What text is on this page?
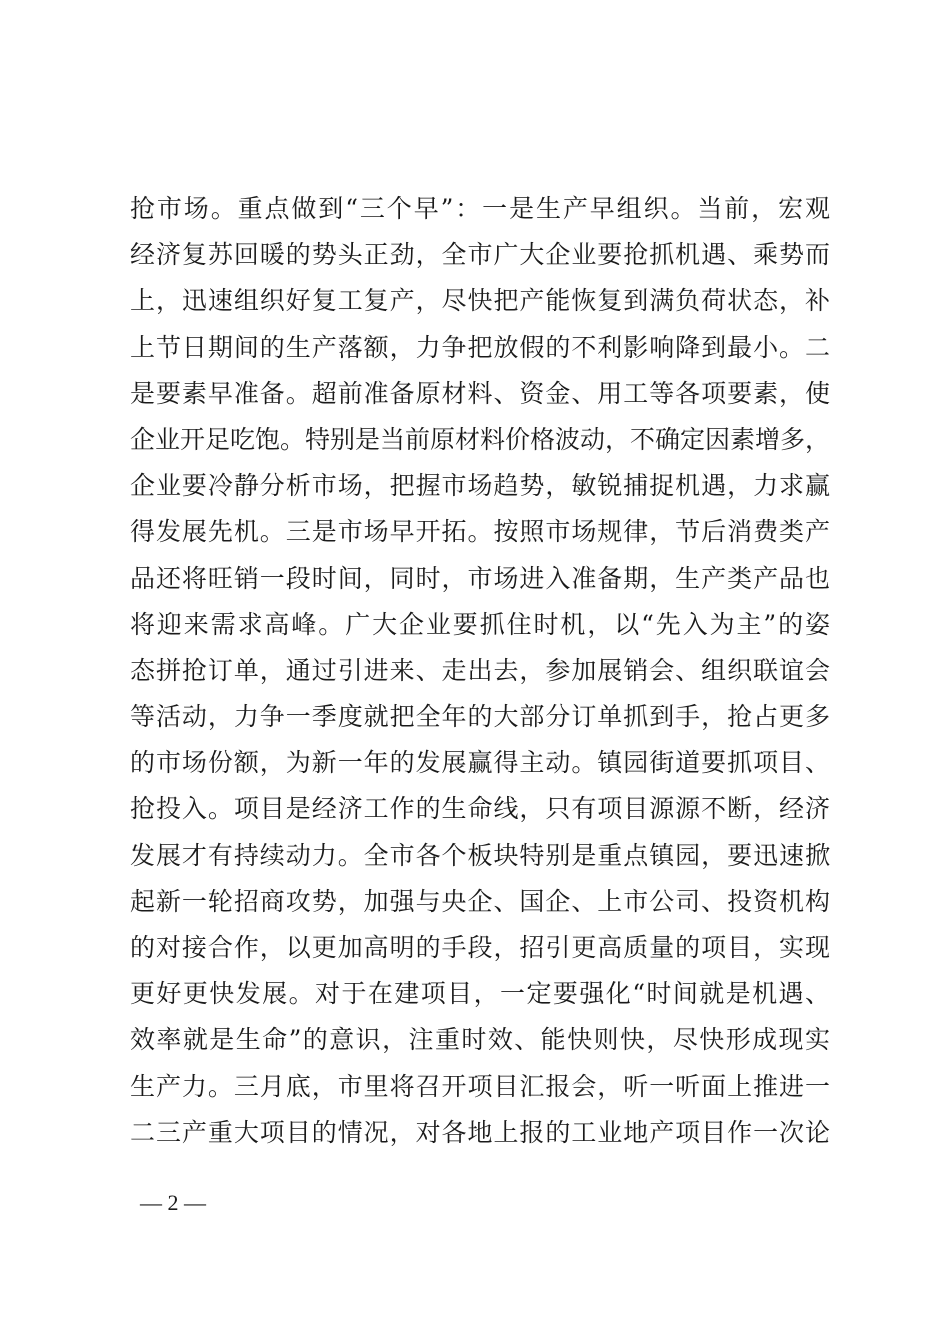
抢市场。重点做到“三个早”：一是生产早组织。当前，宏观
经济复苏回暖的势头正劲，全市广大企业要抢抓机遇、乘势而
上，迅速组织好复工复产，尽快把产能恢复到满负荷状态，补
上节日期间的生产落额，力争把放假的不利影响降到最小。二
是要素早准备。超前准备原材料、资金、用工等各项要素，使
企业开足吃饱。特别是当前原材料价格波动，不确定因素增多，
企业要冷静分析市场，把握市场趋势，敏锐捕捉机遇，力求赢
得发展先机。三是市场早开拓。按照市场规律，节后消费类产
品还将旺销一段时间，同时，市场进入准备期，生产类产品也
将迎来需求高峰。广大企业要抓住时机，以“先入为主”的姿
态拼抢订单，通过引进来、走出去，参加展销会、组织联谊会
等活动，力争一季度就把全年的大部分订单抓到手，抢占更多
的市场份额，为新一年的发展赢得主动。镇园街道要抓项目、
抢投入。项目是经济工作的生命线，只有项目源源不断，经济
发展才有持续动力。全市各个板块特别是重点镇园，要迅速掀
起新一轮招商攻势，加强与央企、国企、上市公司、投资机构
的对接合作，以更加高明的手段，招引更高质量的项目，实现
更好更快发展。对于在建项目，一定要强化“时间就是机遇、
效率就是生命”的意识，注重时效、能快则快，尽快形成现实
生产力。三月底，市里将召开项目汇报会，听一听面上推进一
二三产重大项目的情况，对各地上报的工业地产项目作一次论
— 2 —
